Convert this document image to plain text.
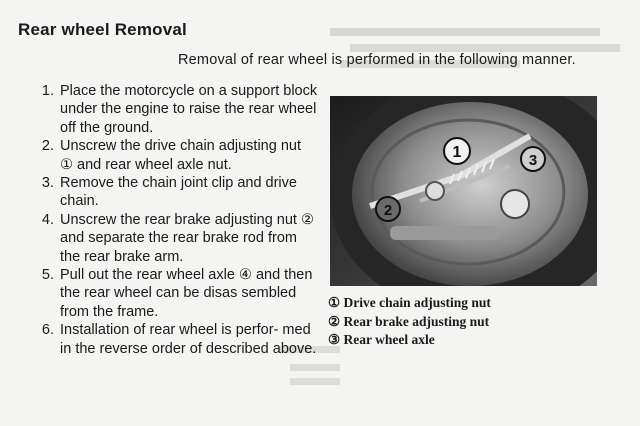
Rear wheel Removal
Removal of rear wheel is performed in the following manner.
1. Place the motorcycle on a support block under the engine to raise the rear wheel off the ground.
2. Unscrew the drive chain adjusting nut ① and rear wheel axle nut.
3. Remove the chain joint clip and drive chain.
4. Unscrew the rear brake adjusting nut ② and separate the rear brake rod from the rear brake arm.
5. Pull out the rear wheel axle ④ and then the rear wheel can be disas sembled from the frame.
6. Installation of rear wheel is perfor- med in the reverse order of described above.
1
2
3
① Drive chain adjusting nut
② Rear brake adjusting nut
③ Rear wheel axle
